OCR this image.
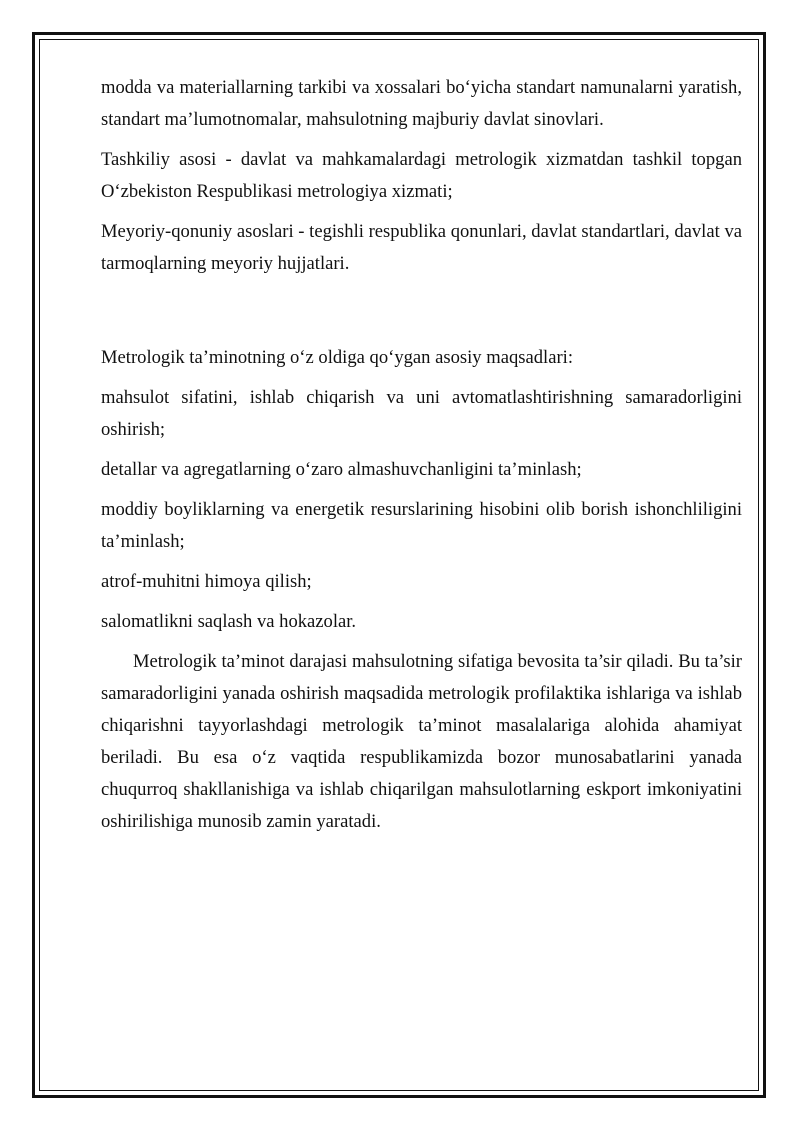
modda va materiallarning tarkibi va xossalari bo‘yicha standart namunalarni yaratish, standart ma’lumotnomalar, mahsulotning majburiy davlat sinovlari.

Tashkiliy asosi - davlat va mahkamalardagi metrologik xizmatdan tashkil topgan O‘zbekiston Respublikasi metrologiya xizmati;

Meyoriy-qonuniy asoslari - tegishli respublika qonunlari, davlat standartlari, davlat va tarmoqlarning meyoriy hujjatlari.

Metrologik ta’minotning o‘z oldiga qo‘ygan asosiy maqsadlari:

mahsulot sifatini, ishlab chiqarish va uni avtomatlashtirishning samaradorligini oshirish;

detallar va agregatlarning o‘zaro almashuvchanligini ta’minlash;

moddiy boyliklarning va energetik resurslarining hisobini olib borish ishonchliligini ta’minlash;

atrof-muhitni himoya qilish;

salomatlikni saqlash va hokazolar.

Metrologik ta’minot darajasi mahsulotning sifatiga bevosita ta’sir qiladi. Bu ta’sir samaradorligini yanada oshirish maqsadida metrologik profilaktika ishlariga va ishlab chiqarishni tayyorlashdagi metrologik ta’minot masalalariga alohida ahamiyat beriladi. Bu esa o‘z vaqtida respublikamizda bozor munosabatlarini yanada chuqurroq shakllanishiga va ishlab chiqarilgan mahsulotlarning eskport imkoniyatini oshirilishiga munosib zamin yaratadi.
